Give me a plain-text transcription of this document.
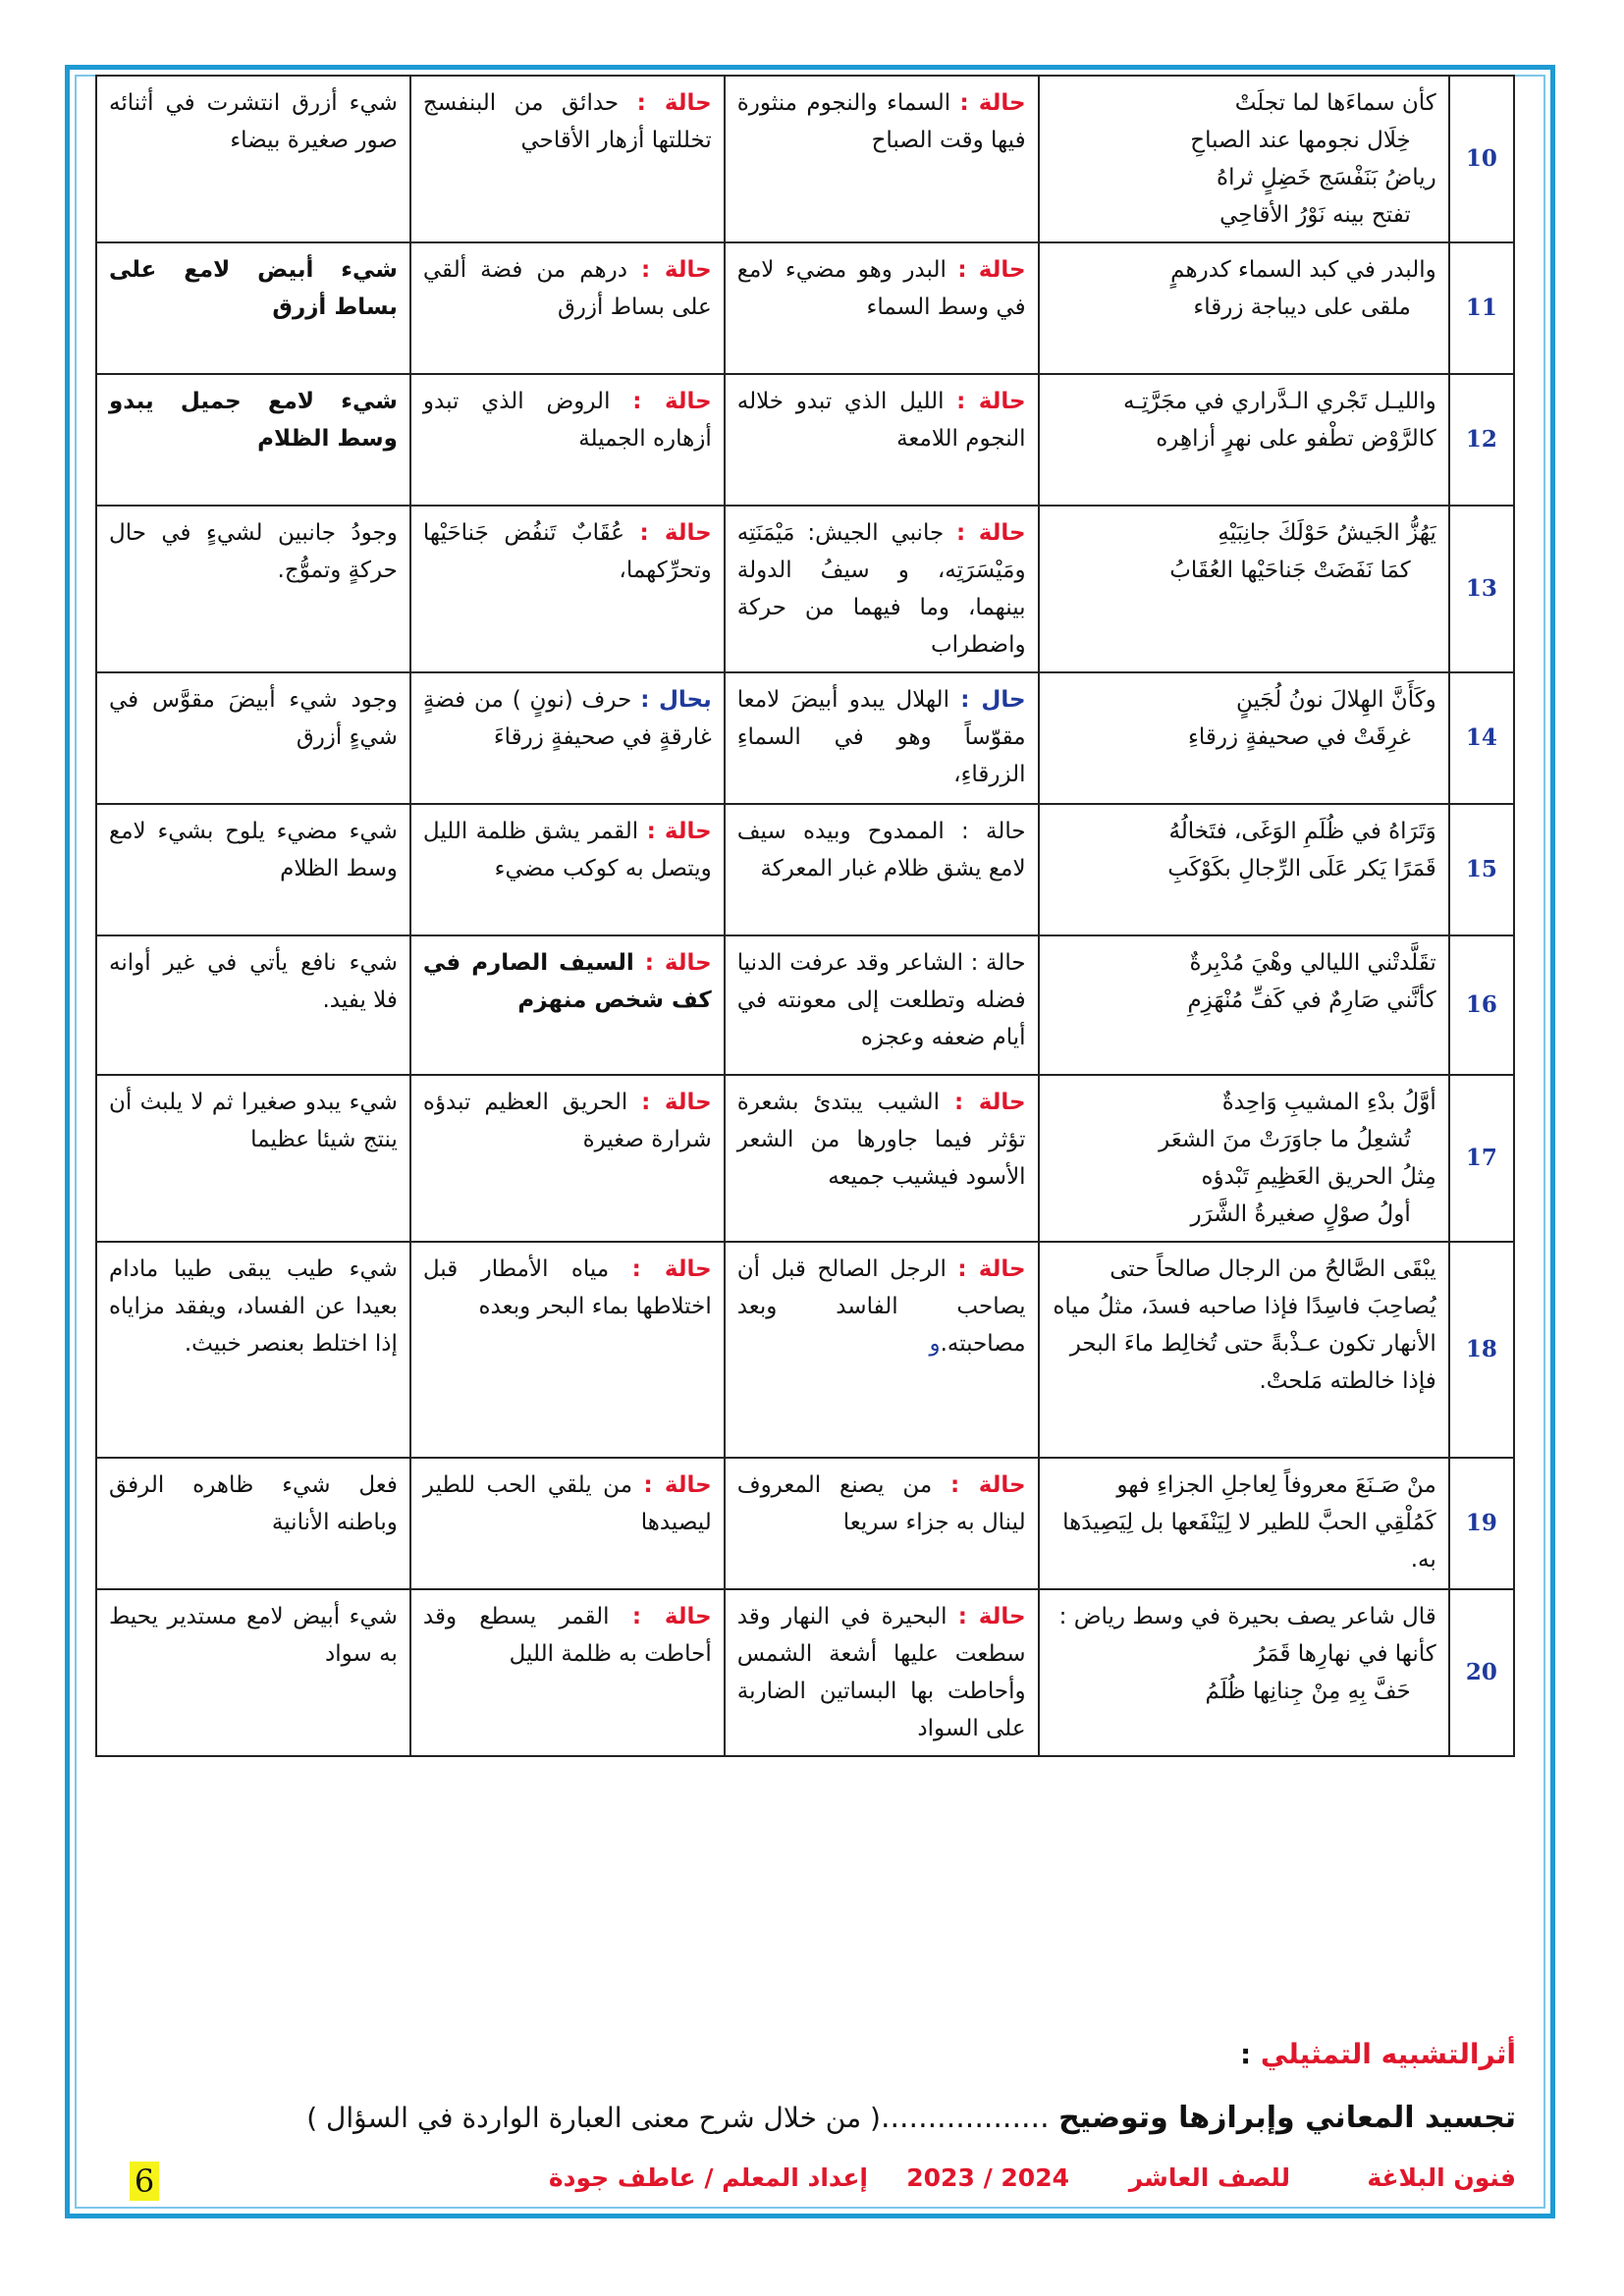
10	كأن سماءَها لما تجلَتْ
خِلَال نجومها عند الصباحِ
رياضُ بَنَفْسَج خَضِلٍ ثراهُ
تفتح بينه نَوْرُ الأقاحِي	حالة : السماء والنجوم منثورة فيها وقت الصباح	حالة : حدائق من البنفسج تخللتها أزهار الأقاحي	شيء أزرق انتشرت في أثنائه صور صغيرة بيضاء
11	والبدر في كبد السماء كدرهمٍ
ملقى على ديباجة زرقاء	حالة : البدر وهو مضيء لامع في وسط السماء	حالة : درهم من فضة ألقي على بساط أزرق	شيء أبيض لامع على بساط أزرق
12	والليـل تَجْري الـدَّراري في مجَرَّتِـه
كالرَّوْض تطْفو على نهرٍ أزاهِره	حالة : الليل الذي تبدو خلاله النجوم اللامعة	حالة : الروض الذي تبدو أزهاره الجميلة	شيء لامع جميل يبدو وسط الظلام
13	يَهُزُّ الجَيشُ حَوْلَكَ جانِبَيْهِ
كمَا نَفَضَتْ جَناحَيْها العُقَابُ	حالة : جانبي الجيش: مَيْمَنَتِه ومَيْسَرَتِه، و سيفُ الدولة بينهما، وما فيهما من حركة واضطراب	حالة : عُقَابٌ تَنفُض جَناحَيْها وتحرِّكهما،	وجودُ جانبين لشيءٍ في حال حركةٍ وتموُّج.
14	وكَأَنَّ الهِلالَ نونُ لُجَينٍ
غرِقَتْ في صحيفةٍ زرقاءِ	حال : الهلال يبدو أبيضَ لامعا مقوّساً وهو في السماءِ الزرقاءِ،	بحال : حرف (نونٍ ) من فضةٍ غارقةٍ في صحيفةٍ زرقاءَ	وجود شيء أبيضَ مقوَّس في شيءٍ أزرق
15	وَتَرَاهُ في ظُلَمِ الوَغَى، فتَخالُهُ
قَمَرًا يَكر عَلَى الرِّجالِ بكَوْكَبِ	حالة : الممدوح وبيده سيف لامع يشق ظلام غبار المعركة	حالة : القمر يشق ظلمة الليل ويتصل به كوكب مضيء	شيء مضيء يلوح بشيء لامع وسط الظلام
16	تقَلَّدتْني الليالي وهْيَ مُدْبِرةٌ
كأنَّني صَارِمٌ في كَفِّ مُنْهَزِمِ	حالة : الشاعر وقد عرفت الدنيا فضله وتطلعت إلى معونته في أيام ضعفه وعجزه	حالة : السيف الصارم في كف شخص منهزم	شيء نافع يأتي في غير أوانه فلا يفيد.
17	أوَّلُ بدْءِ المشيبِ وَاحِدةٌ
تُشعِلُ ما جاوَرَتْ منَ الشعَر
مِثلُ الحريق العَظِيمِ تَبْدؤه
أولُ صوْلٍ صغيرةُ الشَّرَر	حالة : الشيب يبتدئ بشعرة تؤثر فيما جاورها من الشعر الأسود فيشيب جميعه	حالة : الحريق العظيم تبدؤه شرارة صغيرة	شيء يبدو صغيرا ثم لا يلبث أن ينتج شيئا عظيما
18	يبْقَى الصَّالحُ من الرجال صالحاً حتى يُصاحِبَ فاسِدًا فإذا صاحبه فسدَ، مثلُ مياه الأنهار تكون عـذْبةً حتى تُخالِط ماءَ البحر فإذا خالطته مَلحتْ.	حالة : الرجل الصالح قبل أن يصاحب الفاسد وبعد مصاحبته.و	حالة : مياه الأمطار قبل اختلاطها بماء البحر وبعده	شيء طيب يبقى طيبا مادام بعيدا عن الفساد، ويفقد مزاياه إذا اختلط بعنصر خبيث.
19	منْ صَـنَعَ معروفاً لِعاجلِ الجزاءِ فهو كَمُلْقِي الحبَّ للطير لا لِيَنْفَعها بل لِيَصِيدَها به.	حالة : من يصنع المعروف لينال به جزاء سريعا	حالة : من يلقي الحب للطير ليصيدها	فعل شيء ظاهره الرفق وباطنه الأنانية
20	قال شاعر يصف بحيرة في وسط رياض :
كأنها في نهارِها قَمَرُ
حَفَّ بِهِ مِنْ جِنانِها ظُلَمُ	حالة : البحيرة في النهار وقد سطعت عليها أشعة الشمس وأحاطت بها البساتين الضاربة على السواد	حالة : القمر يسطع وقد أحاطت به ظلمة الليل	شيء أبيض لامع مستدير يحيط به سواد
أثرالتشبيه التمثيلي :
تجسيد المعاني وإبرازها وتوضيح ..................( من خلال شرح معنى العبارة الواردة في السؤال )
فنون البلاغة
للصف العاشر
2024 / 2023
إعداد المعلم / عاطف جودة
6
